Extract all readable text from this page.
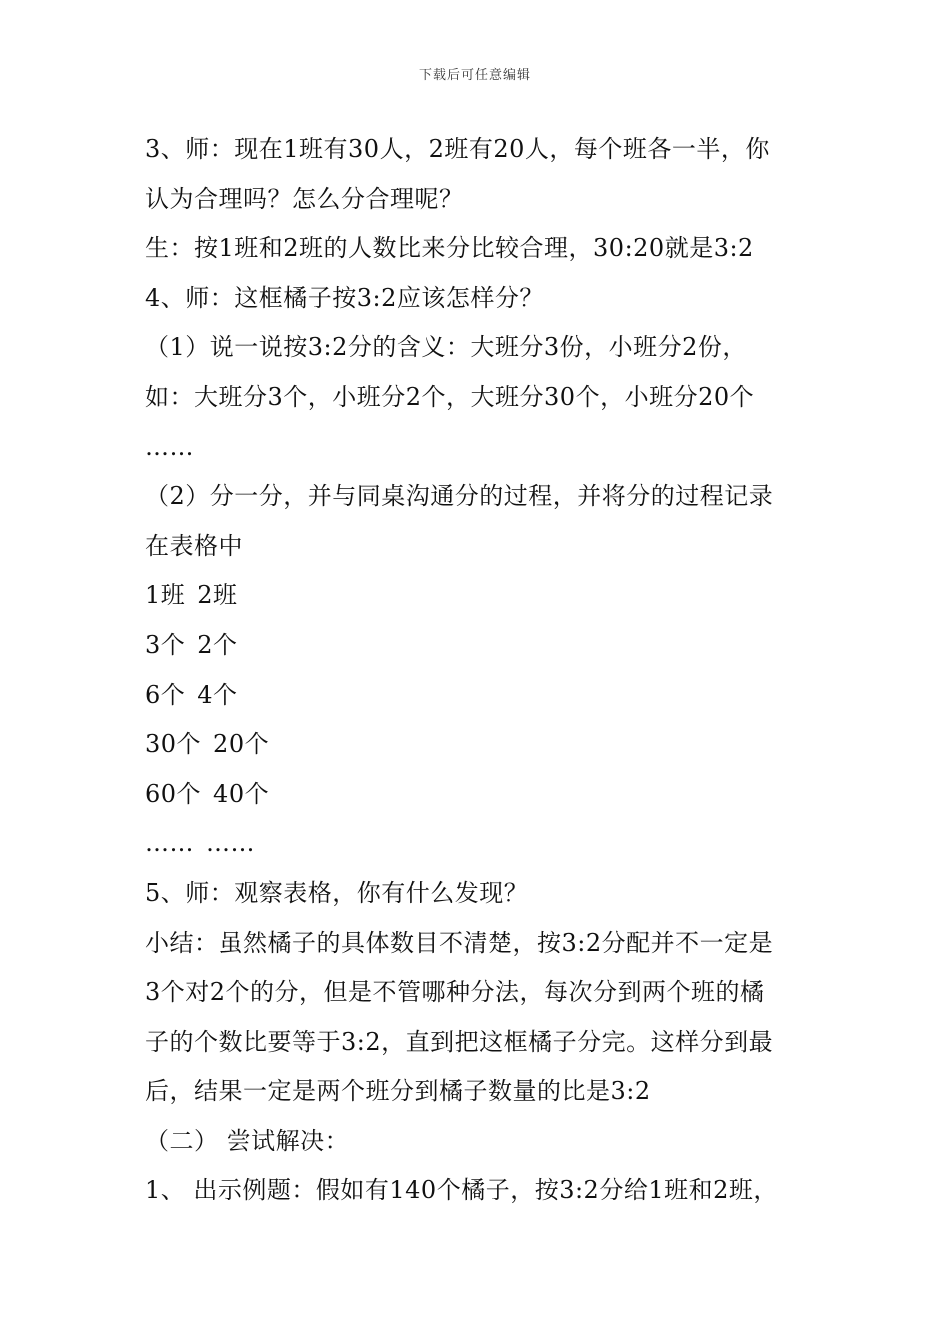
下载后可任意编辑
3、师：现在1班有30人，2班有20人，每个班各一半，你
认为合理吗？怎么分合理呢？
生：按1班和2班的人数比来分比较合理，30:20就是3:2
4、师：这框橘子按3:2应该怎样分？
（1）说一说按3:2分的含义：大班分3份，小班分2份，
如：大班分3个，小班分2个，大班分30个，小班分20个
……
（2）分一分，并与同桌沟通分的过程，并将分的过程记录
在表格中
1班 2班
3个 2个
6个 4个
30个 20个
60个 40个
…… ……
5、师：观察表格，你有什么发现？
小结：虽然橘子的具体数目不清楚，按3:2分配并不一定是
3个对2个的分，但是不管哪种分法，每次分到两个班的橘
子的个数比要等于3:2，直到把这框橘子分完。这样分到最
后，结果一定是两个班分到橘子数量的比是3:2
（二） 尝试解决：
1、 出示例题：假如有140个橘子，按3:2分给1班和2班，
